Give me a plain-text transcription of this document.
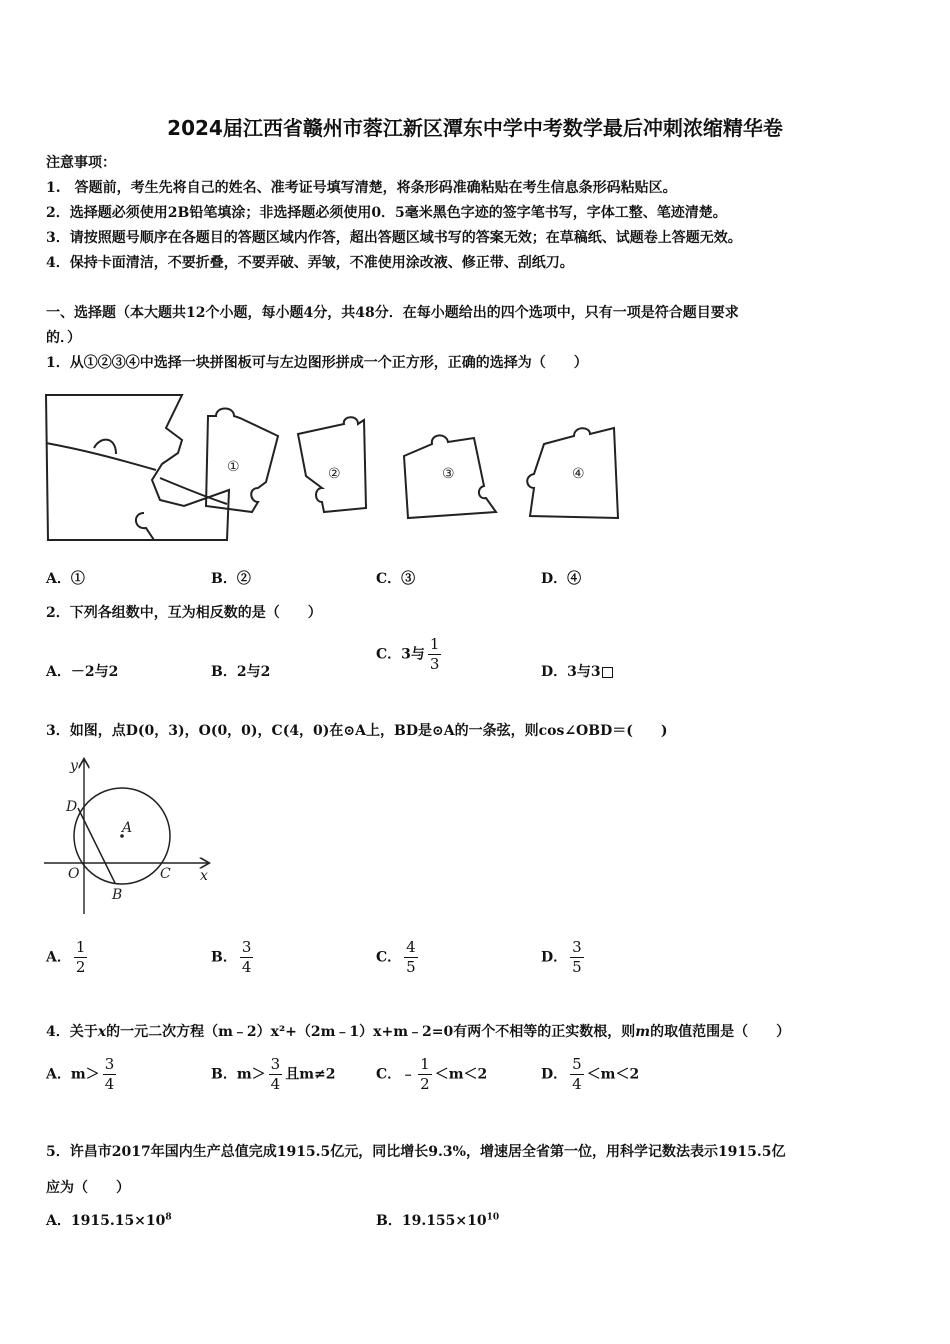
2024届江西省赣州市蓉江新区潭东中学中考数学最后冲刺浓缩精华卷
注意事项：
1.　答题前，考生先将自己的姓名、准考证号填写清楚，将条形码准确粘贴在考生信息条形码粘贴区。
2．选择题必须使用2B铅笔填涂；非选择题必须使用0．5毫米黑色字迹的签字笔书写，字体工整、笔迹清楚。
3．请按照题号顺序在各题目的答题区域内作答，超出答题区域书写的答案无效；在草稿纸、试题卷上答题无效。
4．保持卡面清洁，不要折叠，不要弄破、弄皱，不准使用涂改液、修正带、刮纸刀。
一、选择题（本大题共12个小题，每小题4分，共48分．在每小题给出的四个选项中，只有一项是符合题目要求
的．）
1．从①②③④中选择一块拼图板可与左边图形拼成一个正方形，正确的选择为（　　）
①	②	③	④
A．①	B．②	C．③	D．④
2．下列各组数中，互为相反数的是（　　）
A．－2与2	B．2与2
C．3与 $\frac{1}{3}$	D．3与3
3．如图，点D(0，3)，O(0，0)，C(4，0)在⊙A上，BD是⊙A的一条弦，则cos∠OBD＝(　　)
y
x
D
A
O	C
B
A． $\frac{1}{2}$	B． $\frac{3}{4}$	C． $\frac{4}{5}$	D． $\frac{3}{5}$
4．关于x的一元二次方程（m﹣2）x²+（2m﹣1）x+m﹣2=0有两个不相等的正实数根，则m的取值范围是（　　）
A．$m> \frac{3}{4}$	B．$m> \frac{3}{4}$ 且m≠2	C．﹣ $\frac{1}{2} <m<2$	D． $\frac{5}{4} <m<2$
5．许昌市2017年国内生产总值完成1915.5亿元，同比增长9.3%，增速居全省第一位，用科学记数法表示1915.5亿
应为（　　）
A．$1915.15\times 10^8$	B．$19.155\times 10^{10}$
